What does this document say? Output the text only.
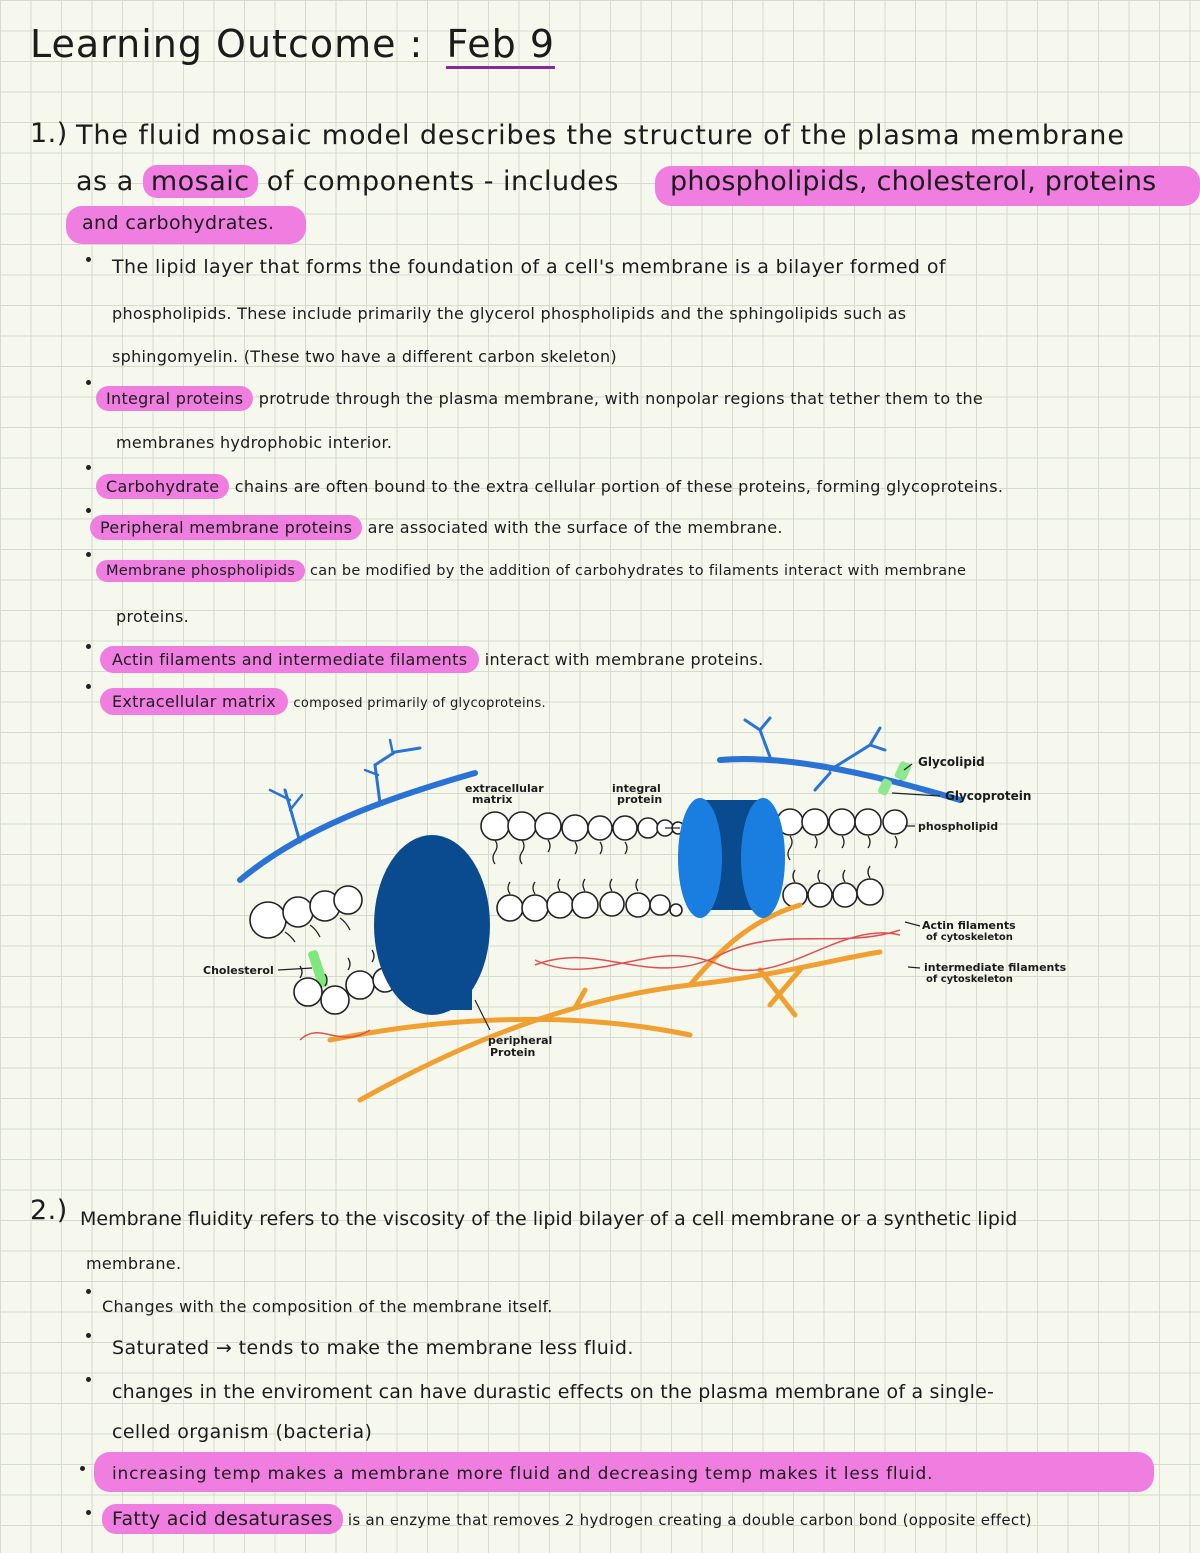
Learning Outcome : Feb 9
1.) The fluid mosaic model describes the structure of the plasma membrane
as a mosaic of components - includes phospholipids, cholesterol, proteins
and carbohydrates.
The lipid layer that forms the foundation of a cell's membrane is a bilayer formed of
phospholipids. These include primarily the glycerol phospholipids and the sphingolipids such as
sphingomyelin. (These two have a different carbon skeleton)
Integral proteins protrude through the plasma membrane, with nonpolar regions that tether them to the
membranes hydrophobic interior.
Carbohydrate chains are often bound to the extra cellular portion of these proteins, forming glycoproteins.
Peripheral membrane proteins are associated with the surface of the membrane.
Membrane phospholipids can be modified by the addition of carbohydrates to filaments interact with membrane
proteins.
Actin filaments and intermediate filaments interact with membrane proteins.
Extracellular matrix composed primarily of glycoproteins.
extracellular
matrix
integral
protein
Glycolipid
Glycoprotein
phospholipid
Actin filaments
of cytoskeleton
intermediate filaments
of cytoskeleton
Cholesterol
peripheral
Protein
2.) Membrane fluidity refers to the viscosity of the lipid bilayer of a cell membrane or a synthetic lipid
membrane.
Changes with the composition of the membrane itself.
Saturated → tends to make the membrane less fluid.
changes in the enviroment can have durastic effects on the plasma membrane of a single-
celled organism (bacteria)
increasing temp makes a membrane more fluid and decreasing temp makes it less fluid.
Fatty acid desaturases is an enzyme that removes 2 hydrogen creating a double carbon bond (opposite effect)
